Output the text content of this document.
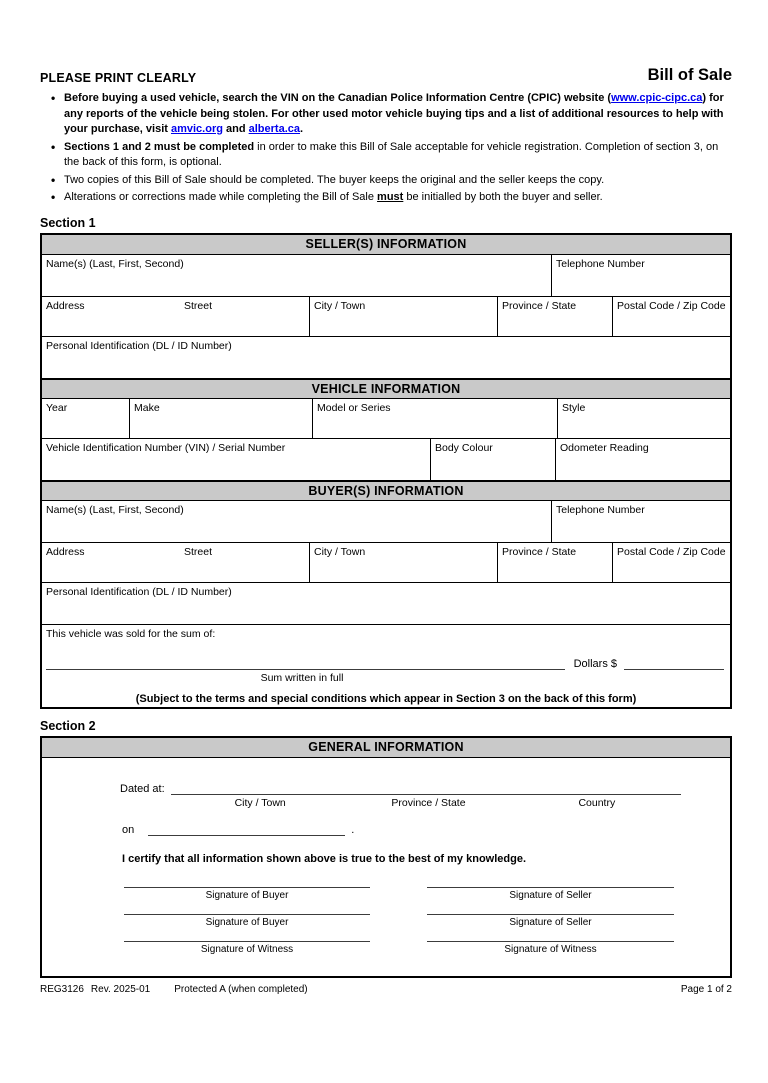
PLEASE PRINT CLEARLY	Bill of Sale
• Before buying a used vehicle, search the VIN on the Canadian Police Information Centre (CPIC) website (www.cpic-cipc.ca) for any reports of the vehicle being stolen. For other used motor vehicle buying tips and a list of additional resources to help with your purchase, visit amvic.org and alberta.ca.
• Sections 1 and 2 must be completed in order to make this Bill of Sale acceptable for vehicle registration. Completion of section 3, on the back of this form, is optional.
• Two copies of this Bill of Sale should be completed. The buyer keeps the original and the seller keeps the copy.
• Alterations or corrections made while completing the Bill of Sale must be initialled by both the buyer and seller.
Section 1
SELLER(S) INFORMATION
Name(s) (Last, First, Second)	Telephone Number
Address	Street	City / Town	Province / State	Postal Code / Zip Code
Personal Identification (DL / ID Number)
VEHICLE INFORMATION
Year	Make	Model or Series	Style
Vehicle Identification Number (VIN) / Serial Number	Body Colour	Odometer Reading
BUYER(S) INFORMATION
Name(s) (Last, First, Second)	Telephone Number
Address	Street	City / Town	Province / State	Postal Code / Zip Code
Personal Identification (DL / ID Number)
This vehicle was sold for the sum of:
Dollars $
Sum written in full
(Subject to the terms and special conditions which appear in Section 3 on the back of this form)
Section 2
GENERAL INFORMATION
Dated at:
City / Town	Province / State	Country
on	.
I certify that all information shown above is true to the best of my knowledge.
Signature of Buyer	Signature of Seller
Signature of Buyer	Signature of Seller
Signature of Witness	Signature of Witness
REG3126 Rev. 2025-01 Protected A (when completed)	Page 1 of 2
